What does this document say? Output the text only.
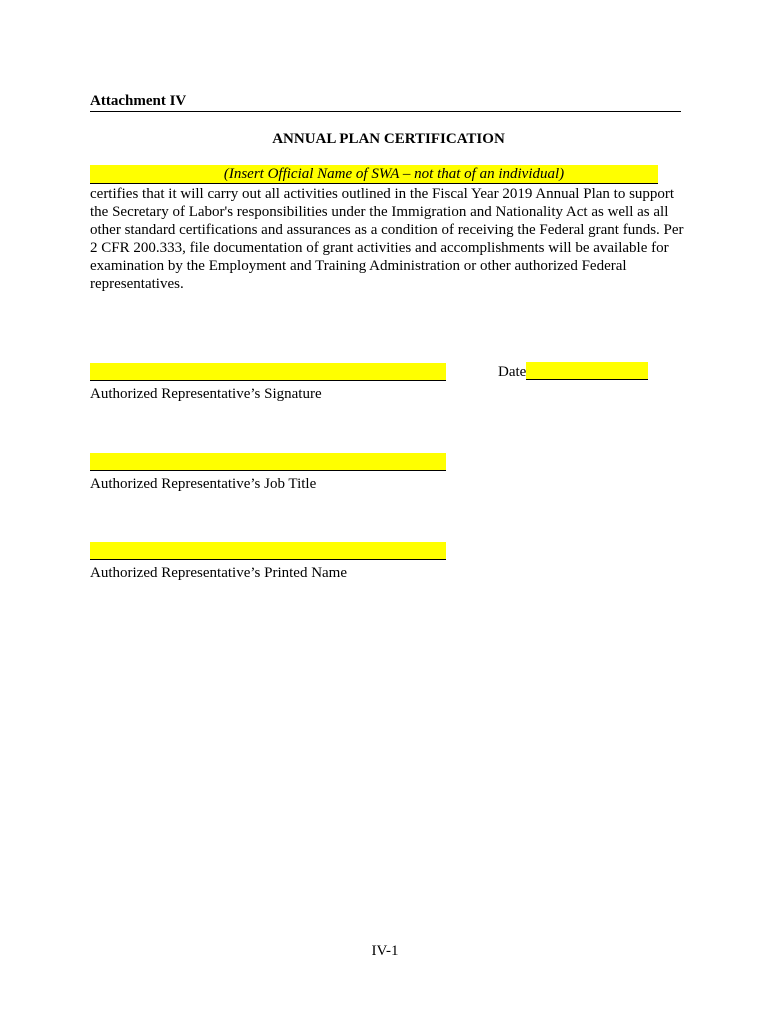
Attachment IV
ANNUAL PLAN CERTIFICATION
(Insert Official Name of SWA – not that of an individual)
certifies that it will carry out all activities outlined in the Fiscal Year 2019 Annual Plan to support the Secretary of Labor's responsibilities under the Immigration and Nationality Act as well as all other standard certifications and assurances as a condition of receiving the Federal grant funds. Per 2 CFR 200.333, file documentation of grant activities and accomplishments will be available for examination by the Employment and Training Administration or other authorized Federal representatives.
Authorized Representative’s Signature
Date
Authorized Representative’s Job Title
Authorized Representative’s Printed Name
IV-1
